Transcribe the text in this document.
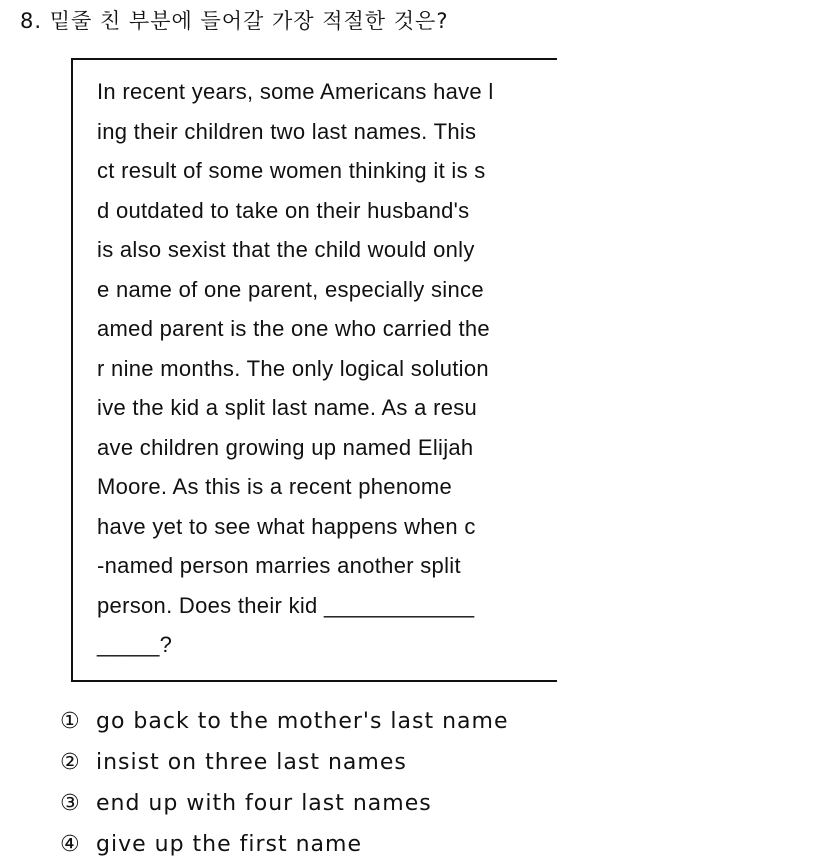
8. 밑줄 친 부분에 들어갈 가장 적절한 것은?
In recent years, some Americans have l
ing their children two last names. This
ct result of some women thinking it is s
d outdated to take on their husband's
is also sexist that the child would only
e name of one parent, especially since
amed parent is the one who carried the
r nine months. The only logical solution
ive the kid a split last name. As a resu
ave children growing up named Elijah
Moore. As this is a recent phenome
have yet to see what happens when c
-named person marries another split
person. Does their kid ____________
_____?
① go back to the mother's last name
② insist on three last names
③ end up with four last names
④ give up the first name
